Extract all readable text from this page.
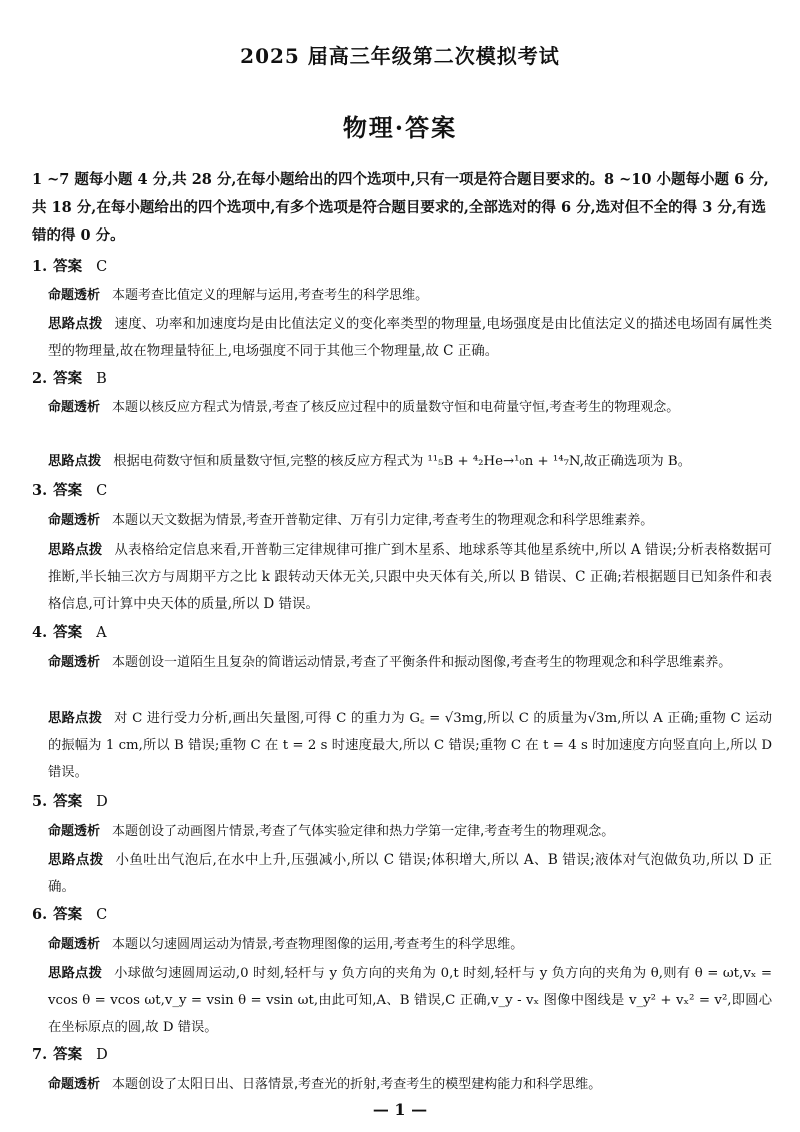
2025 届高三年级第二次模拟考试
物理·答案
1 ~7 题每小题 4 分,共 28 分,在每小题给出的四个选项中,只有一项是符合题目要求的。8 ~10 小题每小题 6 分,共 18 分,在每小题给出的四个选项中,有多个选项是符合题目要求的,全部选对的得 6 分,选对但不全的得 3 分,有选错的得 0 分。
1. 答案 C
命题透析 本题考查比值定义的理解与运用,考查考生的科学思维。
思路点拨 速度、功率和加速度均是由比值法定义的变化率类型的物理量,电场强度是由比值法定义的描述电场固有属性类型的物理量,故在物理量特征上,电场强度不同于其他三个物理量,故 C 正确。
2. 答案 B
命题透析 本题以核反应方程式为情景,考查了核反应过程中的质量数守恒和电荷量守恒,考查考生的物理观念。
思路点拨 根据电荷数守恒和质量数守恒,完整的核反应方程式为 ¹¹₅B + ⁴₂He→¹₀n + ¹⁴₇N,故正确选项为 B。
3. 答案 C
命题透析 本题以天文数据为情景,考查开普勒定律、万有引力定律,考查考生的物理观念和科学思维素养。
思路点拨 从表格给定信息来看,开普勒三定律规律可推广到木星系、地球系等其他星系统中,所以 A 错误;分析表格数据可推断,半长轴三次方与周期平方之比 k 跟转动天体无关,只跟中央天体有关,所以 B 错误、C 正确;若根据题目已知条件和表格信息,可计算中央天体的质量,所以 D 错误。
4. 答案 A
命题透析 本题创设一道陌生且复杂的简谐运动情景,考查了平衡条件和振动图像,考查考生的物理观念和科学思维素养。
思路点拨 对 C 进行受力分析,画出矢量图,可得 C 的重力为 G꜀ = √3mg,所以 C 的质量为√3m,所以 A 正确;重物 C 运动的振幅为 1 cm,所以 B 错误;重物 C 在 t = 2 s 时速度最大,所以 C 错误;重物 C 在 t = 4 s 时加速度方向竖直向上,所以 D 错误。
5. 答案 D
命题透析 本题创设了动画图片情景,考查了气体实验定律和热力学第一定律,考查考生的物理观念。
思路点拨 小鱼吐出气泡后,在水中上升,压强减小,所以 C 错误;体积增大,所以 A、B 错误;液体对气泡做负功,所以 D 正确。
6. 答案 C
命题透析 本题以匀速圆周运动为情景,考查物理图像的运用,考查考生的科学思维。
思路点拨 小球做匀速圆周运动,0 时刻,轻杆与 y 负方向的夹角为 0,t 时刻,轻杆与 y 负方向的夹角为 θ,则有 θ = ωt,vₓ = vcos θ = vcos ωt,v_y = vsin θ = vsin ωt,由此可知,A、B 错误,C 正确,v_y - vₓ 图像中图线是 v_y² + vₓ² = v²,即圆心在坐标原点的圆,故 D 错误。
7. 答案 D
命题透析 本题创设了太阳日出、日落情景,考查光的折射,考查考生的模型建构能力和科学思维。
— 1 —
